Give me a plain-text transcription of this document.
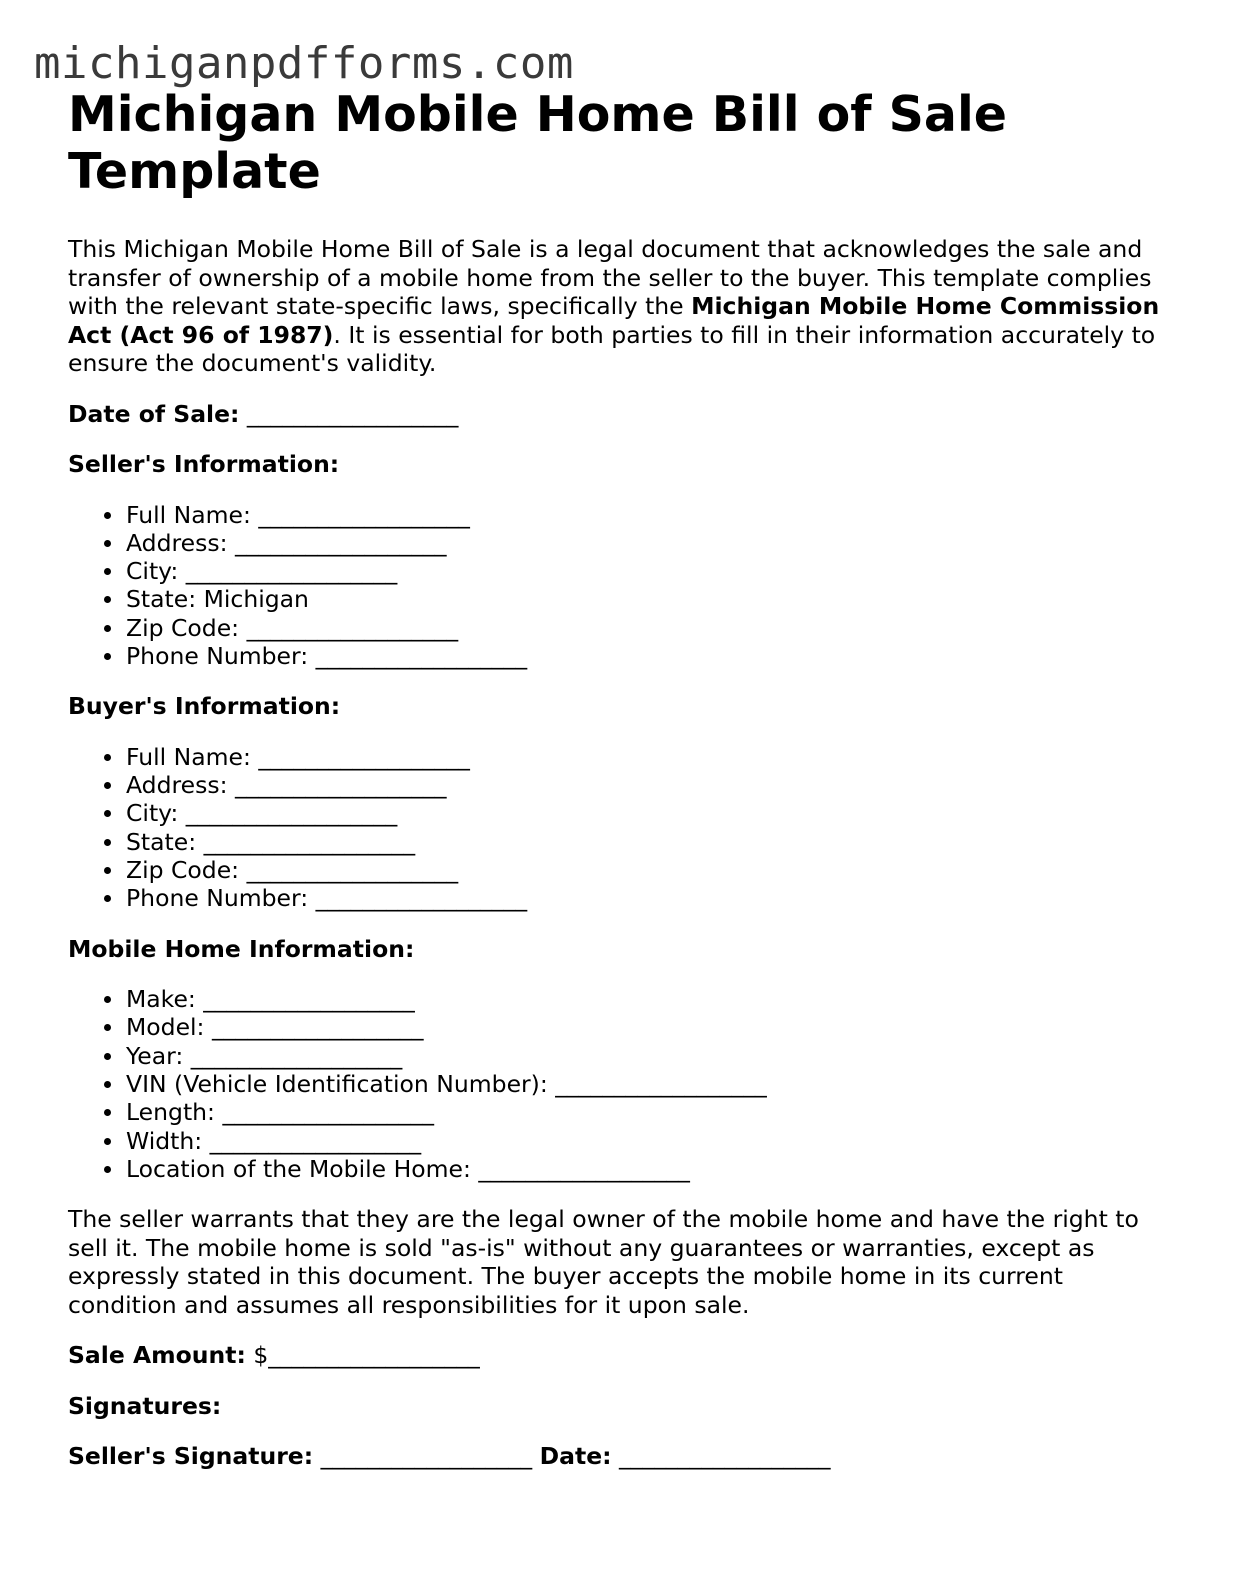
michiganpdfforms.com
Michigan Mobile Home Bill of Sale Template

This Michigan Mobile Home Bill of Sale is a legal document that acknowledges the sale and transfer of ownership of a mobile home from the seller to the buyer. This template complies with the relevant state-specific laws, specifically the Michigan Mobile Home Commission Act (Act 96 of 1987). It is essential for both parties to fill in their information accurately to ensure the document's validity.

Date of Sale: __________________

Seller's Information:

Full Name: __________________
Address: __________________
City: __________________
State: Michigan
Zip Code: __________________
Phone Number: __________________

Buyer's Information:

Full Name: __________________
Address: __________________
City: __________________
State: __________________
Zip Code: __________________
Phone Number: __________________

Mobile Home Information:

Make: __________________
Model: __________________
Year: __________________
VIN (Vehicle Identification Number): __________________
Length: __________________
Width: __________________
Location of the Mobile Home: __________________

The seller warrants that they are the legal owner of the mobile home and have the right to sell it. The mobile home is sold "as-is" without any guarantees or warranties, except as expressly stated in this document. The buyer accepts the mobile home in its current condition and assumes all responsibilities for it upon sale.

Sale Amount: $__________________

Signatures:

Seller's Signature: __________________ Date: __________________
